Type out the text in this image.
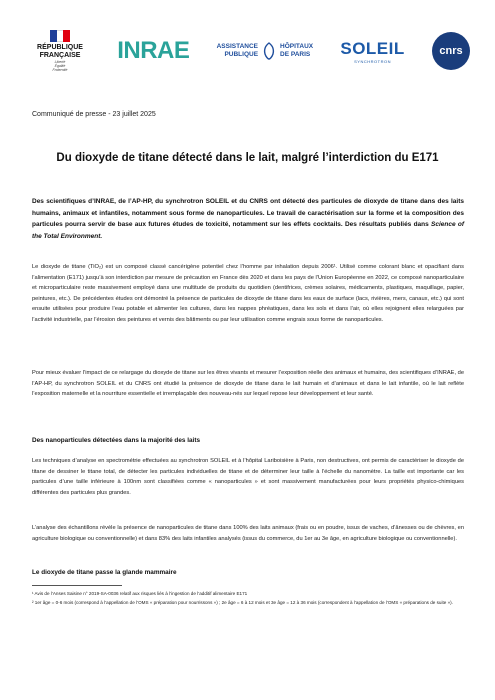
RÉPUBLIQUE
FRANÇAISE
Liberté
Égalité
Fraternité
INRAE	ASSISTANCE
PUBLIQUE
HÔPITAUX
DE PARIS SOLEIL
SYNCHROTRON
cnrs
Communiqué de presse - 23 juillet 2025
Du dioxyde de titane détecté dans le lait, malgré l’interdiction du E171

Des scientifiques d’INRAE, de l’AP-HP, du synchrotron SOLEIL et du CNRS ont détecté des particules de dioxyde de titane dans des laits humains, animaux et infantiles, notamment sous forme de nanoparticules. Le travail de caractérisation sur la forme et la composition des particules pourra servir de base aux futures études de toxicité, notamment sur les effets cocktails. Des résultats publiés dans Science of the Total Environment.

Le dioxyde de titane (TiO₂) est un composé classé cancérigène potentiel chez l’homme par inhalation depuis 2006¹. Utilisé comme colorant blanc et opacifiant dans l’alimentation (E171) jusqu’à son interdiction par mesure de précaution en France dès 2020 et dans les pays de l’Union Européenne en 2022, ce composé nanoparticulaire et microparticulaire reste massivement employé dans une multitude de produits du quotidien (dentifrices, crèmes solaires, médicaments, plastiques, maquillage, papier, peintures, etc.). De précédentes études ont démontré la présence de particules de dioxyde de titane dans les eaux de surface (lacs, rivières, mers, canaux, etc.) qui sont ensuite utilisées pour produire l’eau potable et alimenter les cultures, dans les nappes phréatiques, dans les sols et dans l’air, où elles rejoignent elles relarguées par l’activité industrielle, par l’érosion des peintures et vernis des bâtiments ou par leur utilisation comme engrais sous forme de nanoparticules.

Pour mieux évaluer l’impact de ce relargage du dioxyde de titane sur les êtres vivants et mesurer l’exposition réelle des animaux et humains, des scientifiques d’INRAE, de l’AP-HP, du synchrotron SOLEIL et du CNRS ont étudié la présence de dioxyde de titane dans le lait humain et d’animaux et dans le lait infantile, où le lait reflète l’exposition maternelle et la nourriture essentielle et irremplaçable des nouveau-nés sur lequel repose leur développement et leur santé.

Des nanoparticules détectées dans la majorité des laits

Les techniques d’analyse en spectrométrie effectuées au synchrotron SOLEIL et à l’hôpital Lariboisière à Paris, non destructives, ont permis de caractériser le dioxyde de titane de dessiner le titane total, de détecter les particules individuelles de titane et de déterminer leur taille à l’échelle du nanomètre. La taille est importante car les particules d’une taille inférieure à 100nm sont classifiées comme « nanoparticules » et sont massivement manufacturées pour leurs propriétés physico-chimiques différentes des particules plus grandes.

L’analyse des échantillons révèle la présence de nanoparticules de titane dans 100% des laits animaux (frais ou en poudre, issus de vaches, d’ânesses ou de chèvres, en agriculture biologique ou conventionnelle) et dans 83% des laits infantiles analysés (issus du commerce, du 1er au 3e âge, en agriculture biologique ou conventionnelle).

Le dioxyde de titane passe la glande mammaire

¹ Avis de l’Anses Saisine n° 2019-SA-0036 relatif aux risques liés à l’ingestion de l’additif alimentaire E171

² 1er âge = 0-6 mois (correspond à l’appellation de l’OMS « préparation pour nourrissons ») ; 2e âge = 6 à 12 mois et 3e âge = 12 à 36 mois (correspondent à l’appellation de l’OMS « préparations de suite »).
